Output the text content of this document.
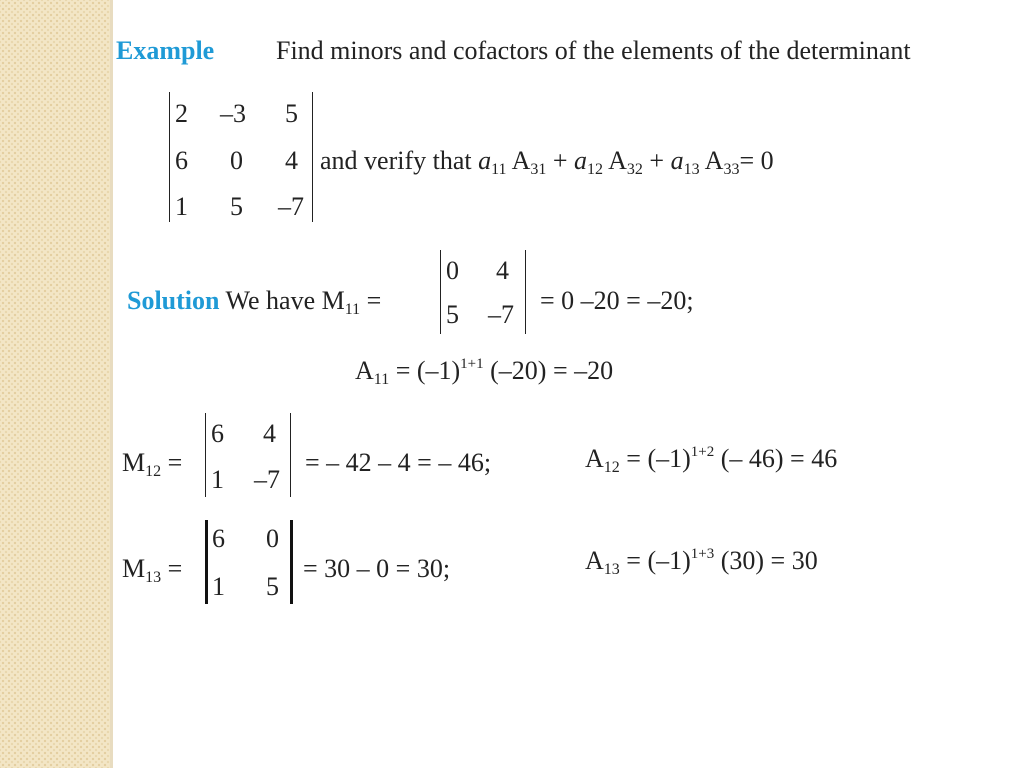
Example Find minors and cofactors of the elements of the determinant
2 –3 5
6 0 4
1 5 –7
and verify that $a_{11}$ $A_{31} + a_{12}$ $A_{32} + a_{13}$ $A_{33}= 0$
Solution We have $M_{11}$ =
0 4
5 –7 = 0 –20 = –20;
$A_{11} = (-1)^{1+1}$ (–20) = –20
$M_{12}$ =
6 4
1 –7
= – 42 – 4 = – 46;	$A_{12} = (-1)^{1+2}$ (– 46) = 46
$M_{13}$ =
6 0
1 5
= 30 – 0 = 30;	$A_{13} = (-1)^{1+3}$ (30) = 30
